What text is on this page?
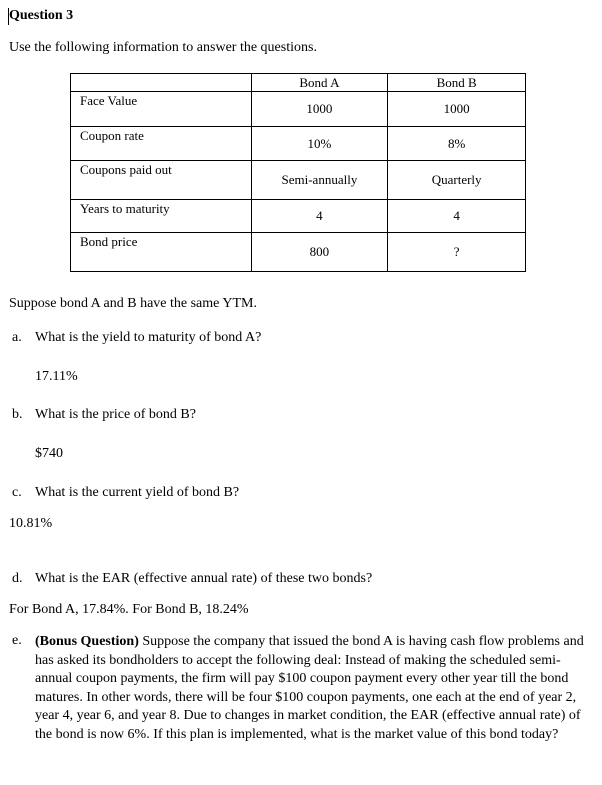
Question 3
Use the following information to answer the questions.
	Bond A	Bond B
Face Value	1000	1000
Coupon rate	10%	8%
Coupons paid out	Semi-annually	Quarterly
Years to maturity	4	4
Bond price	800	?
Suppose bond A and B have the same YTM.
a. What is the yield to maturity of bond A?
17.11%
b. What is the price of bond B?
$740
c. What is the current yield of bond B?
10.81%
d. What is the EAR (effective annual rate) of these two bonds?
For Bond A, 17.84%. For Bond B, 18.24%
e. (Bonus Question) Suppose the company that issued the bond A is having cash flow problems and has asked its bondholders to accept the following deal: Instead of making the scheduled semi-annual coupon payments, the firm will pay $100 coupon payment every other year till the bond matures. In other words, there will be four $100 coupon payments, one each at the end of year 2, year 4, year 6, and year 8. Due to changes in market condition, the EAR (effective annual rate) of the bond is now 6%. If this plan is implemented, what is the market value of this bond today?
